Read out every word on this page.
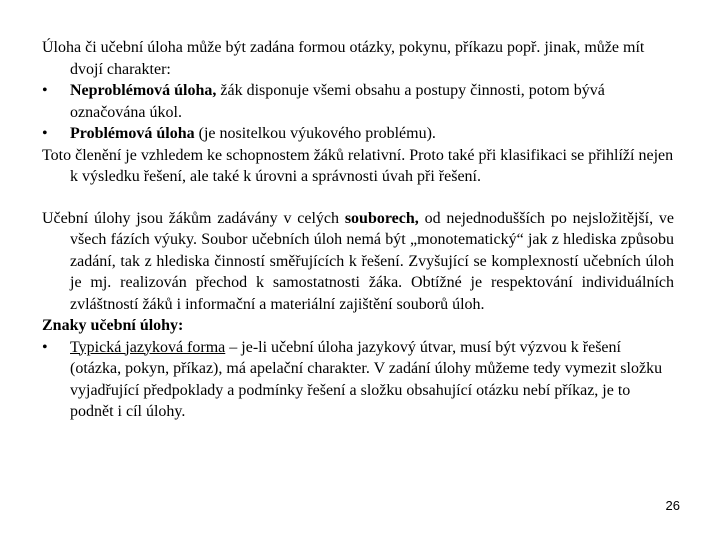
Úloha či učební úloha může být zadána formou otázky, pokynu, příkazu popř. jinak, může mít dvojí charakter:

•	Neproblémová úloha, žák disponuje všemi obsahu a postupy činnosti, potom bývá označována úkol.
•	Problémová úloha (je nositelkou výukového problému).

Toto členění je vzhledem ke schopnostem žáků relativní. Proto také při klasifikaci se přihlíží nejen k výsledku řešení, ale také k úrovni a správnosti úvah při řešení.

Učební úlohy jsou žákům zadávány v celých souborech, od nejednodušších po nejsložitější, ve všech fázích výuky. Soubor učebních úloh nemá být „monotematický“ jak z hlediska způsobu zadání, tak z hlediska činností směřujících k řešení. Zvyšující se komplexností učebních úloh je mj. realizován přechod k samostatnosti žáka. Obtížné je respektování individuálních zvláštností žáků i informační a materiální zajištění souborů úloh.

Znaky učební úlohy:

•	Typická jazyková forma – je-li učební úloha jazykový útvar, musí být výzvou k řešení (otázka, pokyn, příkaz), má apelační charakter. V zadání úlohy můžeme tedy vymezit složku vyjadřující předpoklady a podmínky řešení a složku obsahující otázku nebí příkaz, je to podnět i cíl úlohy.
26
